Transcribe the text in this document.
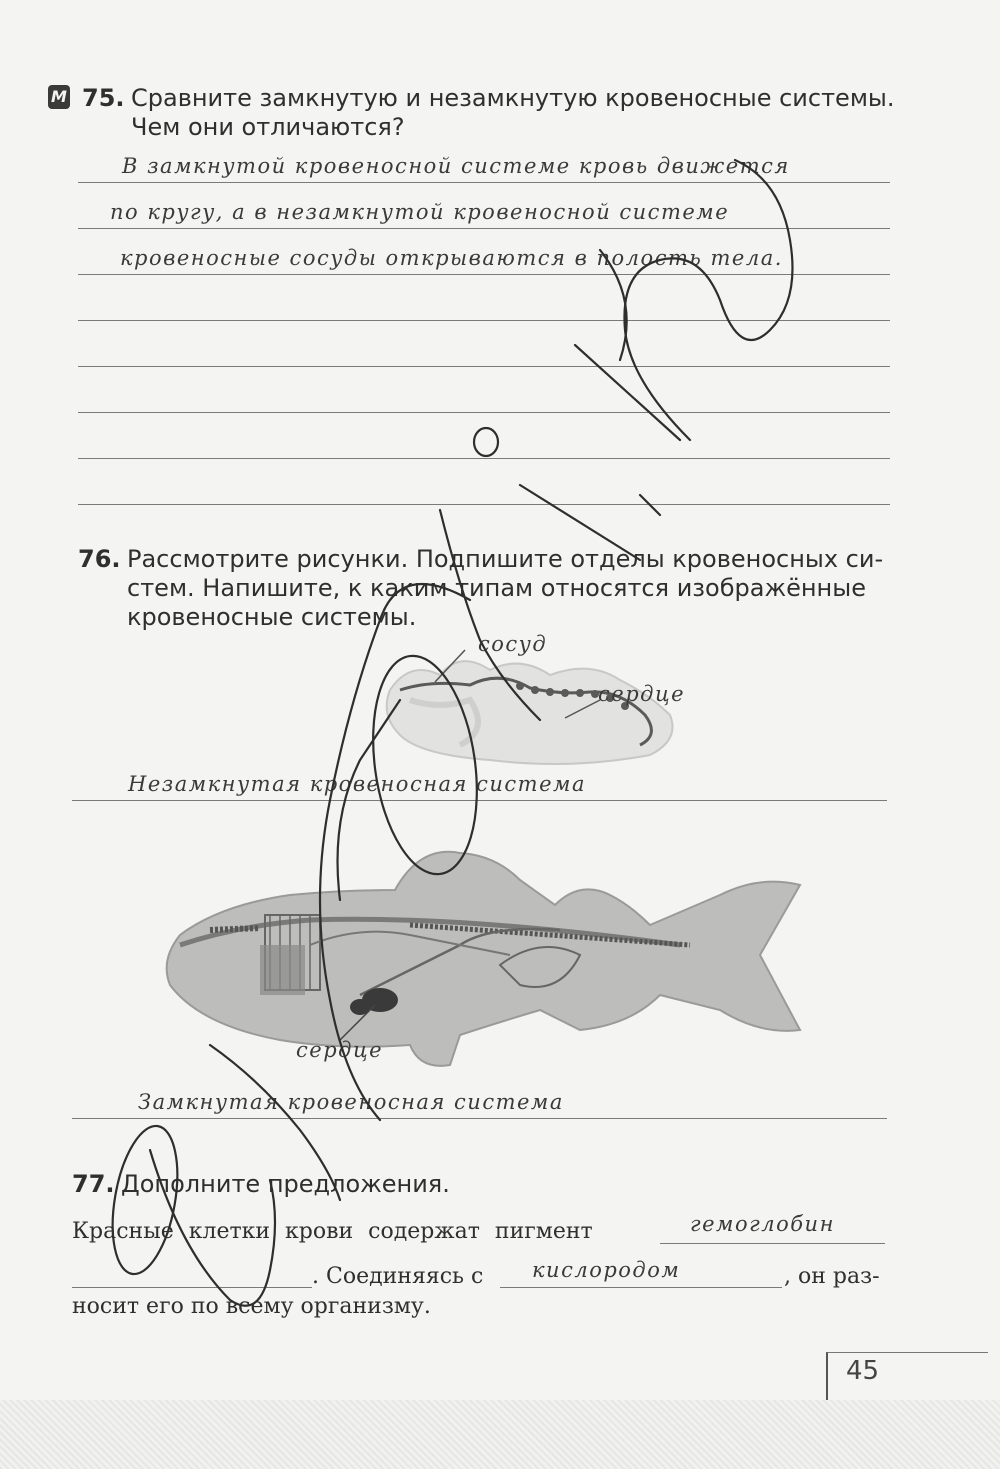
М 75. Сравните замкнутую и незамкнутую кровеносные системы.
Чем они отличаются?
В замкнутой кровеносной системе кровь движется
по кругу, а в незамкнутой кровеносной системе
кровеносные сосуды открываются в полость тела.
76. Рассмотрите рисунки. Подпишите отделы кровеносных си-
стем. Напишите, к каким типам относятся изображённые
кровеносные системы.
сосуд
сердце
Незамкнутая кровеносная система
сердце
Замкнутая кровеносная система
77. Дополните предложения.
Красные клетки крови содержат пигмент	гемоглобин
. Соединяясь с кислородом	, он раз-
носит его по всему организму.
45
